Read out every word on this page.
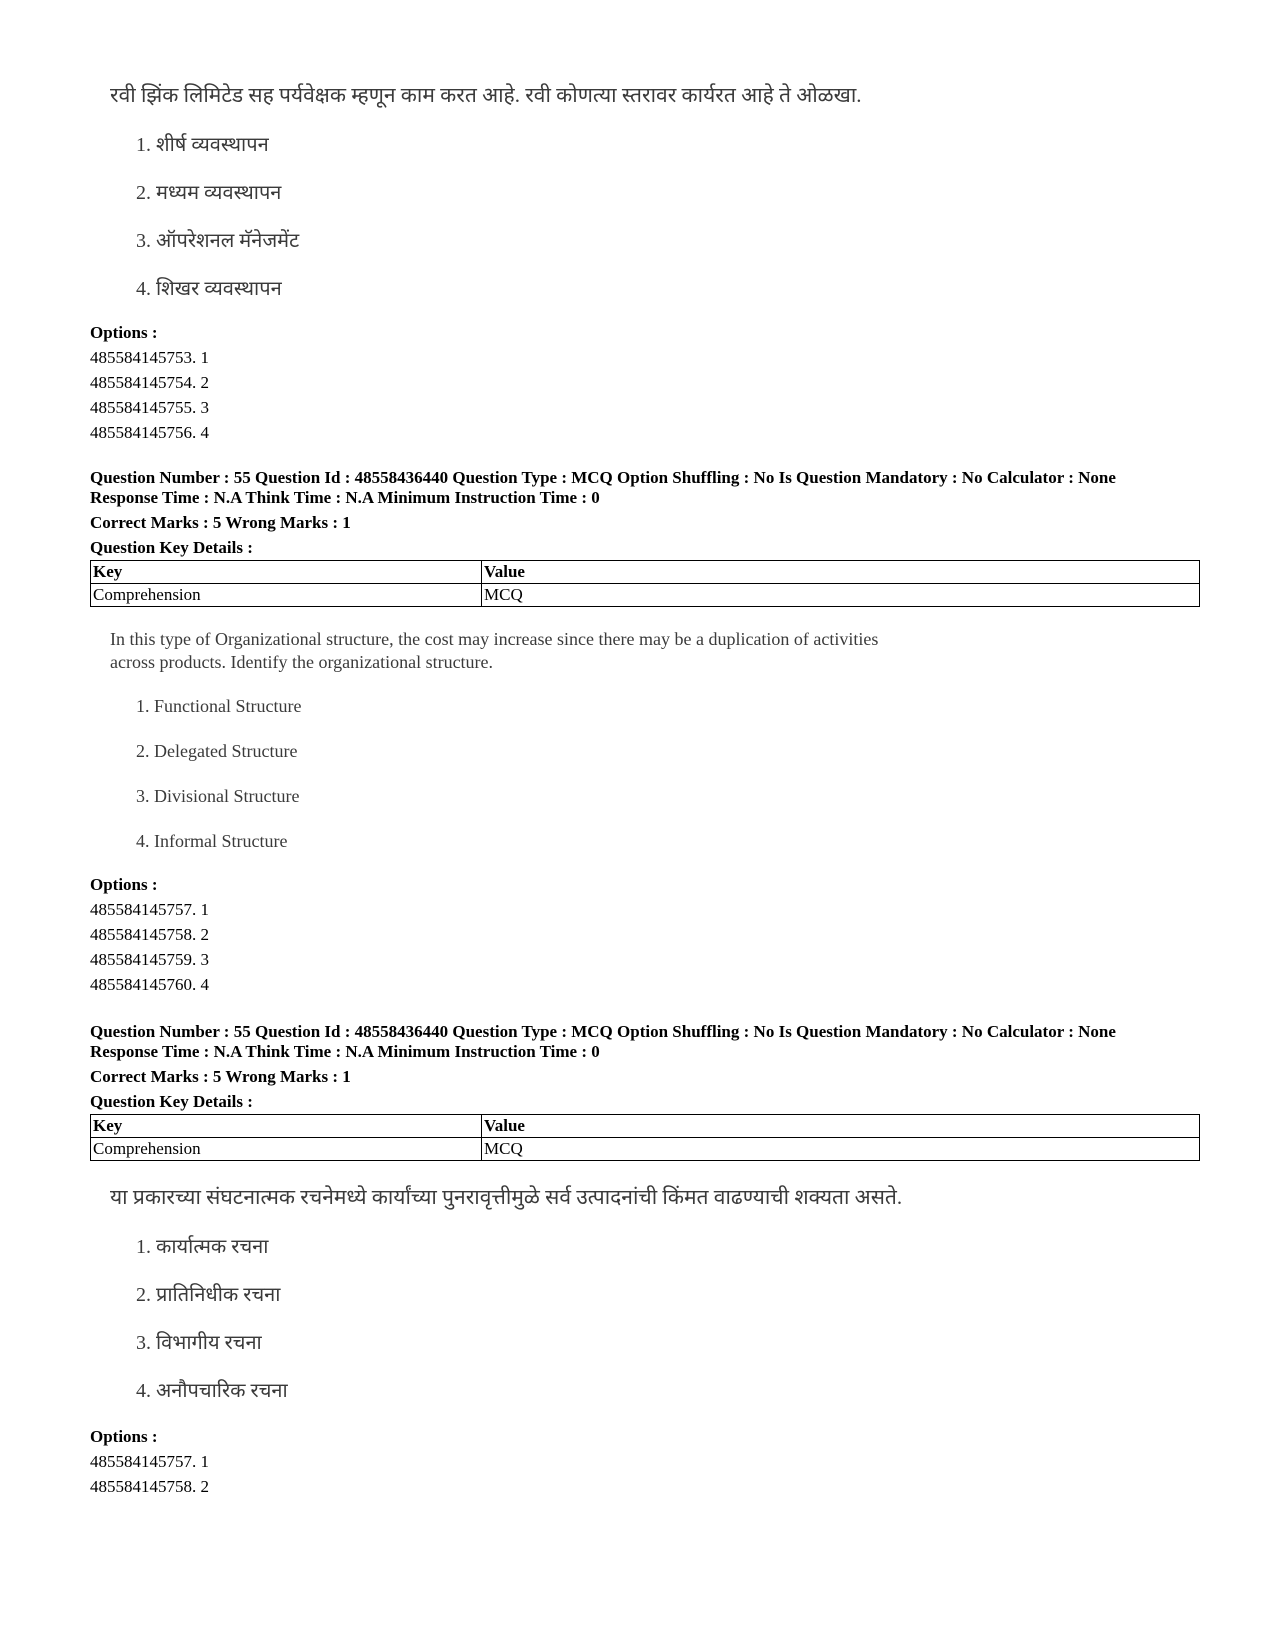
रवी झिंक लिमिटेड सह पर्यवेक्षक म्हणून काम करत आहे. रवी कोणत्या स्तरावर कार्यरत आहे ते ओळखा.

1. शीर्ष व्यवस्थापन

2. मध्यम व्यवस्थापन

3. ऑपरेशनल मॅनेजमेंट

4. शिखर व्यवस्थापन

Options :

485584145753. 1

485584145754. 2

485584145755. 3

485584145756. 4

Question Number : 55 Question Id : 48558436440 Question Type : MCQ Option Shuffling : No Is Question Mandatory : No Calculator : None

Response Time : N.A Think Time : N.A Minimum Instruction Time : 0

Correct Marks : 5 Wrong Marks : 1

Question Key Details :

Key	Value
Comprehension	MCQ

In this type of Organizational structure, the cost may increase since there may be a duplication of activities

across products. Identify the organizational structure.

1. Functional Structure

2. Delegated Structure

3. Divisional Structure

4. Informal Structure

Options :

485584145757. 1

485584145758. 2

485584145759. 3

485584145760. 4

Question Number : 55 Question Id : 48558436440 Question Type : MCQ Option Shuffling : No Is Question Mandatory : No Calculator : None

Response Time : N.A Think Time : N.A Minimum Instruction Time : 0

Correct Marks : 5 Wrong Marks : 1

Question Key Details :

Key	Value
Comprehension	MCQ

या प्रकारच्या संघटनात्मक रचनेमध्ये कार्यांच्या पुनरावृत्तीमुळे सर्व उत्पादनांची किंमत वाढण्याची शक्यता असते.

1. कार्यात्मक रचना

2. प्रातिनिधीक रचना

3. विभागीय रचना

4. अनौपचारिक रचना

Options :

485584145757. 1

485584145758. 2
